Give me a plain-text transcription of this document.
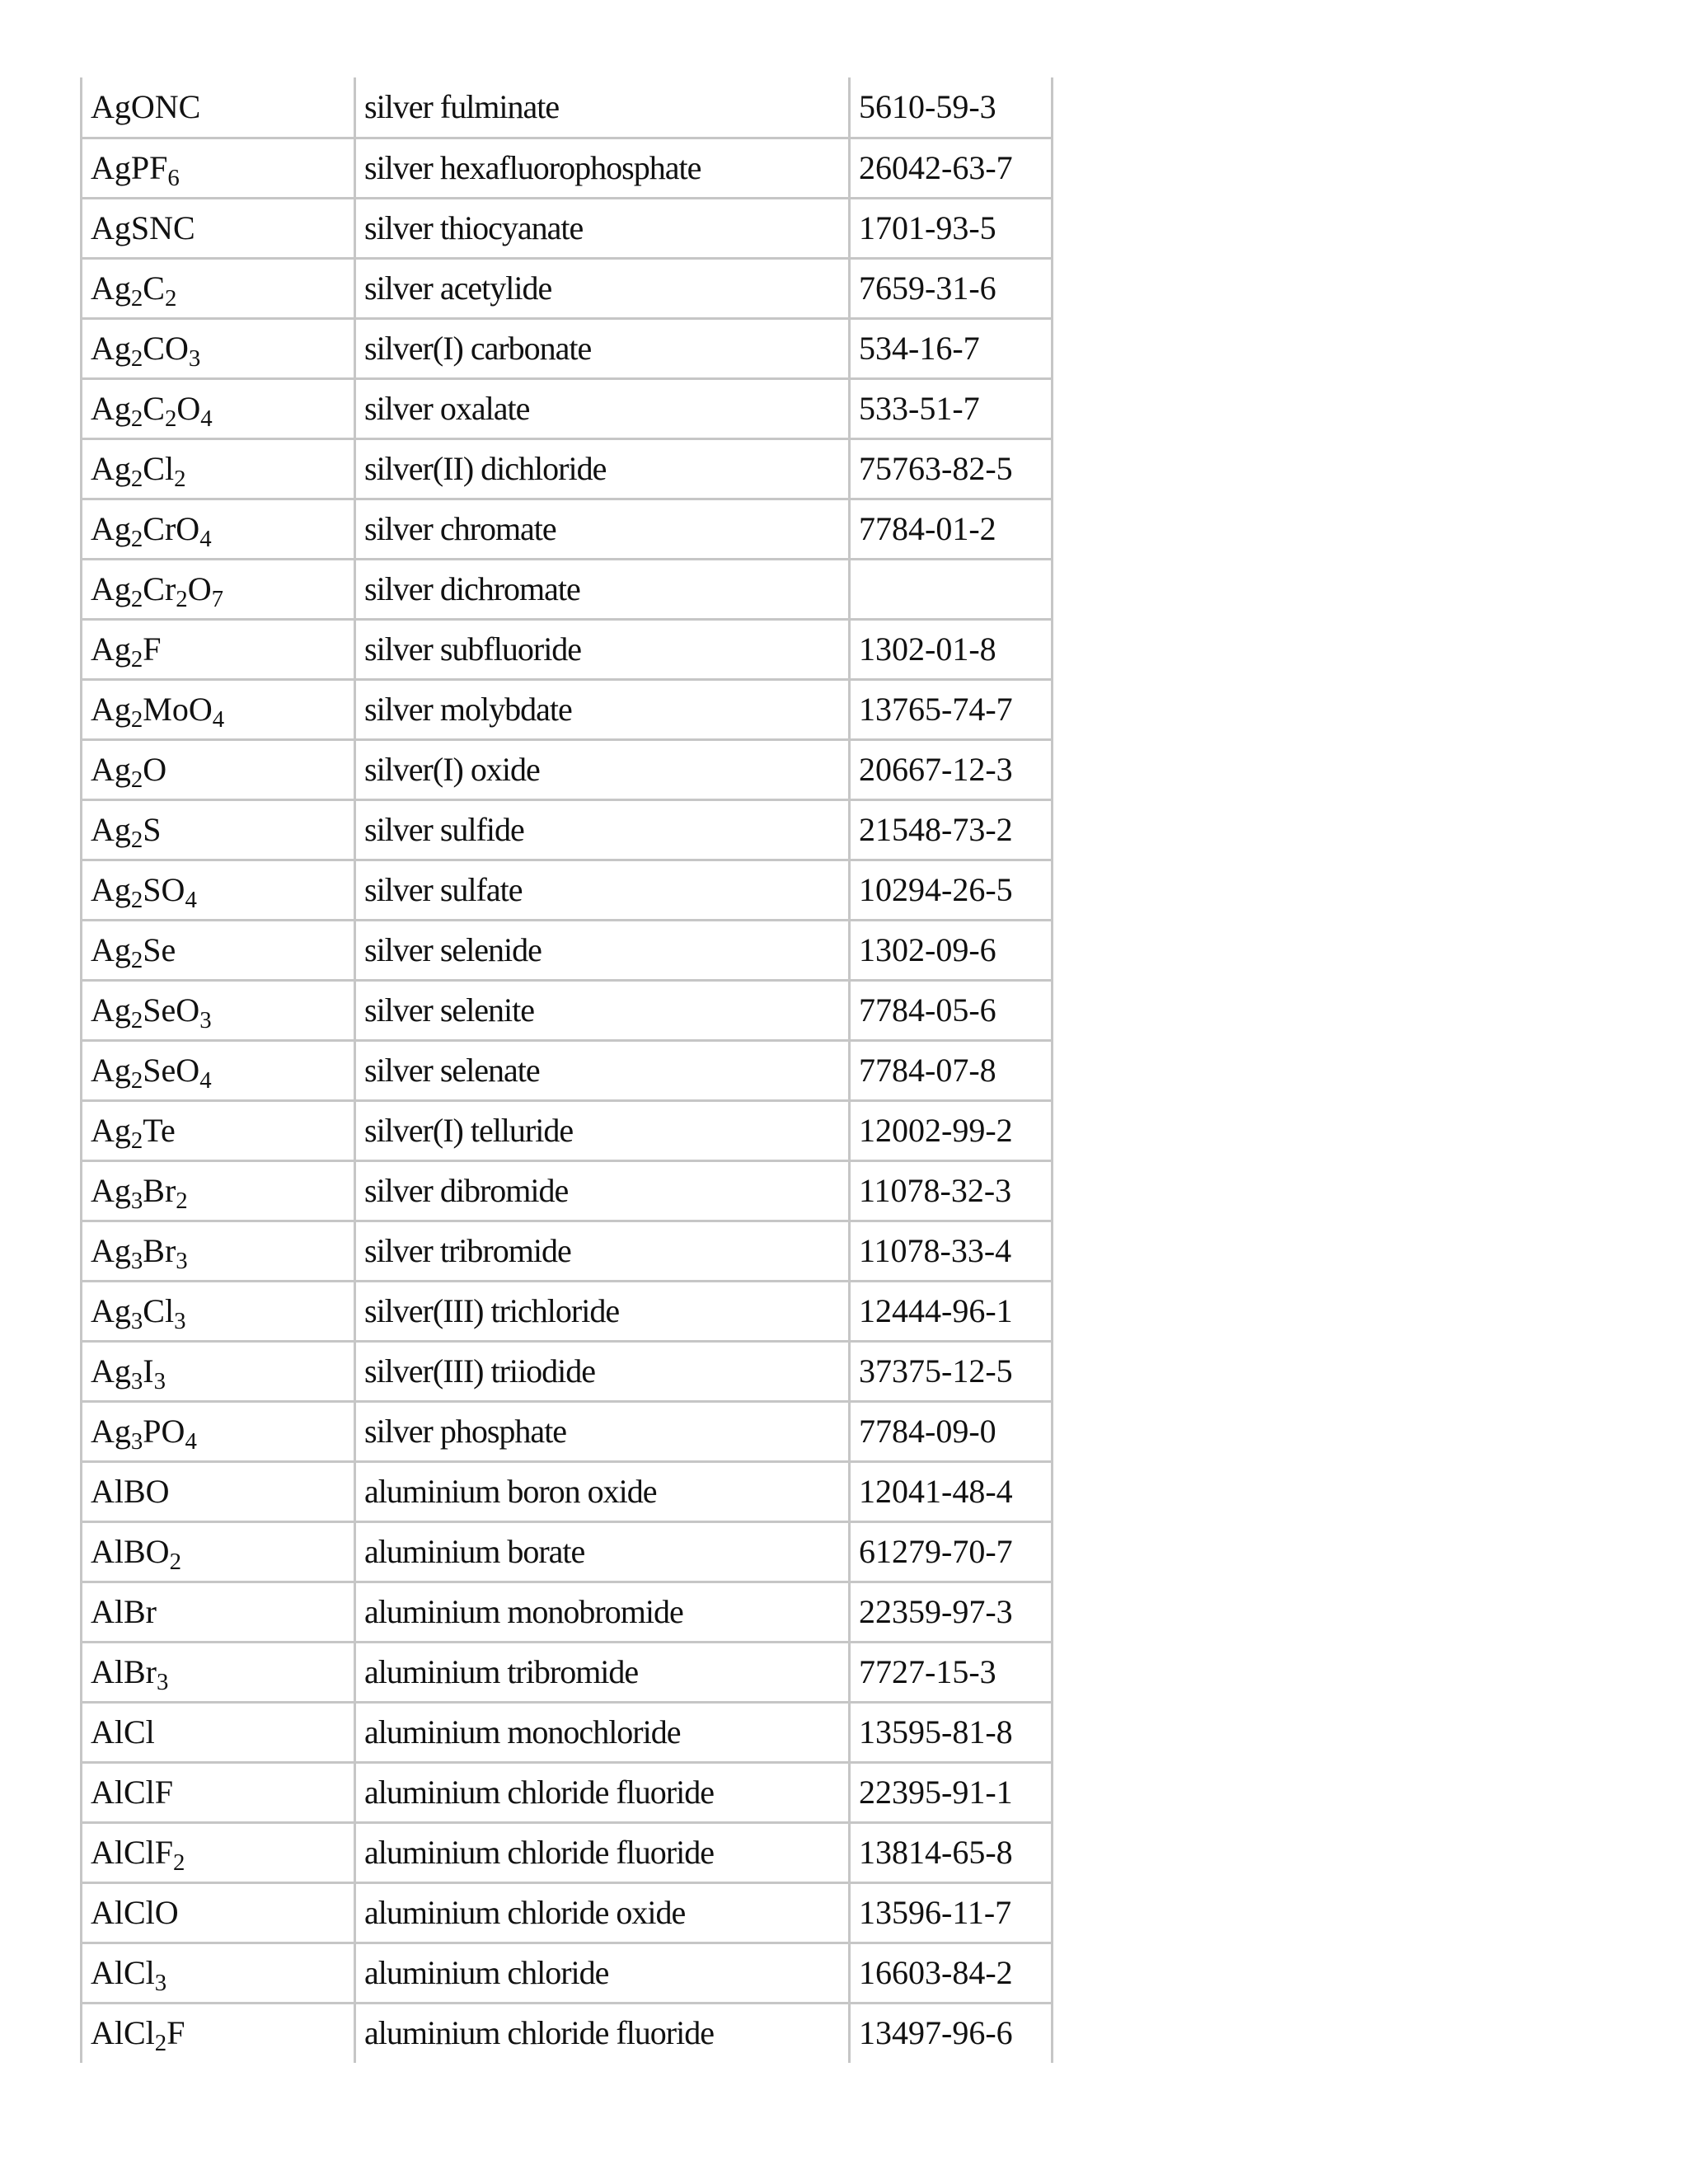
AgONC	silver fulminate	5610-59-3
AgPF$_6$	silver hexafluorophosphate	26042-63-7
AgSNC	silver thiocyanate	1701-93-5
$Ag_2C_2$	silver acetylide	7659-31-6
$Ag_2CO_3$	silver(I) carbonate	534-16-7
$Ag_2C_2O_4$	silver oxalate	533-51-7
$Ag_2Cl_2$	silver(II) dichloride	75763-82-5
$Ag_2CrO_4$	silver chromate	7784-01-2
$Ag_2Cr_2O_7$	silver dichromate	
$Ag_2F$	silver subfluoride	1302-01-8
$Ag_2MoO_4$	silver molybdate	13765-74-7
$Ag_2O$	silver(I) oxide	20667-12-3
$Ag_2S$	silver sulfide	21548-73-2
$Ag_2SO_4$	silver sulfate	10294-26-5
$Ag_2Se$	silver selenide	1302-09-6
$Ag_2SeO_3$	silver selenite	7784-05-6
$Ag_2SeO_4$	silver selenate	7784-07-8
$Ag_2Te$	silver(I) telluride	12002-99-2
$Ag_3Br_2$	silver dibromide	11078-32-3
$Ag_3Br_3$	silver tribromide	11078-33-4
$Ag_3Cl_3$	silver(III) trichloride	12444-96-1
$Ag_3I_3$	silver(III) triiodide	37375-12-5
$Ag_3PO_4$	silver phosphate	7784-09-0
AlBO	aluminium boron oxide	12041-48-4
AlBO$_2$	aluminium borate	61279-70-7
AlBr	aluminium monobromide	22359-97-3
AlBr$_3$	aluminium tribromide	7727-15-3
AlCl	aluminium monochloride	13595-81-8
AlClF	aluminium chloride fluoride	22395-91-1
AlClF$_2$	aluminium chloride fluoride	13814-65-8
AlClO	aluminium chloride oxide	13596-11-7
AlCl$_3$	aluminium chloride	16603-84-2
AlCl$_2$F	aluminium chloride fluoride	13497-96-6
